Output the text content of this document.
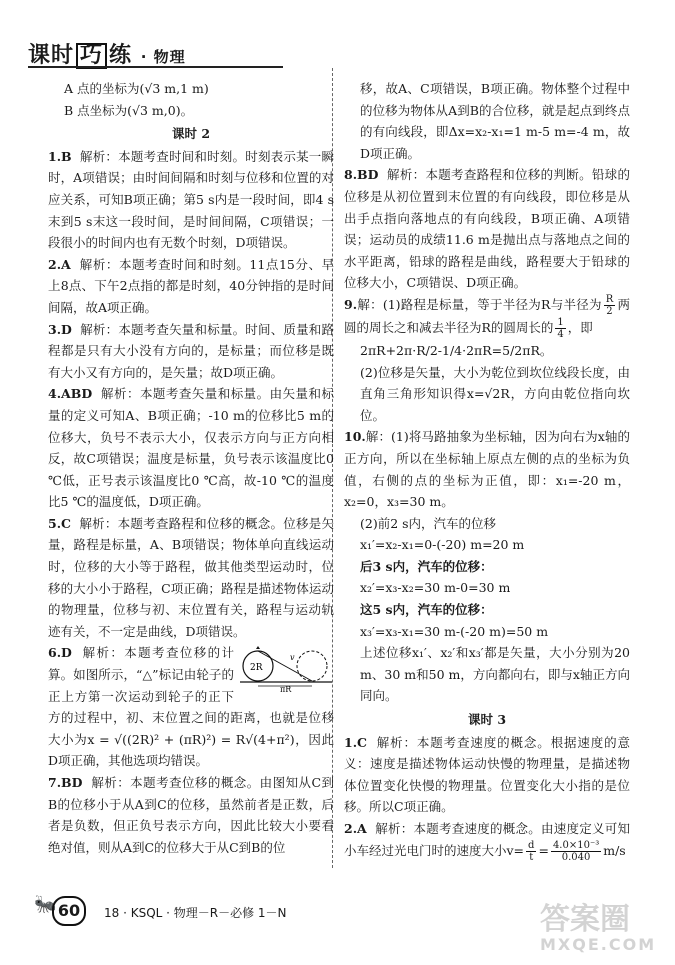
课时 巧 练 · 物理

A 点的坐标为(√3 m,1 m)

B 点坐标为(√3 m,0)。

课时 2

1.B 解析：本题考查时间和时刻。时刻表示某一瞬时，A项错误；由时间间隔和时刻与位移和位置的对应关系，可知B项正确；第5 s内是一段时间，即4 s末到5 s末这一段时间，是时间间隔，C项错误；一段很小的时间内也有无数个时刻，D项错误。

2.A 解析：本题考查时间和时刻。11点15分、早上8点、下午2点指的都是时刻，40分钟指的是时间间隔，故A项正确。

3.D 解析：本题考查矢量和标量。时间、质量和路程都是只有大小没有方向的，是标量；而位移是既有大小又有方向的，是矢量；故D项正确。

4.ABD 解析：本题考查矢量和标量。由矢量和标量的定义可知A、B项正确；-10 m的位移比5 m的位移大，负号不表示大小，仅表示方向与正方向相反，故C项错误；温度是标量，负号表示该温度比0 ℃低，正号表示该温度比0 ℃高，故-10 ℃的温度比5 ℃的温度低，D项正确。

5.C 解析：本题考查路程和位移的概念。位移是矢量，路程是标量，A、B项错误；物体单向直线运动时，位移的大小等于路程，做其他类型运动时，位移的大小小于路程，C项正确；路程是描述物体运动的物理量，位移与初、末位置有关，路程与运动轨迹有关，不一定是曲线，D项错误。

2R
πR
v
6.D 解析：本题考查位移的计算。如图所示，“△”标记由轮子的正上方第一次运动到轮子的正下方的过程中，初、末位置之间的距离，也就是位移大小为x = √((2R)² + (πR)²) = R√(4+π²)，因此D项正确，其他选项均错误。

7.BD 解析：本题考查位移的概念。由图知从C到B的位移小于从A到C的位移，虽然前者是正数，后者是负数，但正负号表示方向，因此比较大小要看绝对值，则从A到C的位移大于从C到B的位

移，故A、C项错误，B项正确。物体整个过程中的位移为物体从A到B的合位移，就是起点到终点的有向线段，即Δx=x₂-x₁=1 m-5 m=-4 m，故D项正确。

8.BD 解析：本题考查路程和位移的判断。铅球的位移是从初位置到末位置的有向线段，即位移是从出手点指向落地点的有向线段，B项正确、A项错误；运动员的成绩11.6 m是抛出点与落地点之间的水平距离，铅球的路程是曲线，路程要大于铅球的位移大小，C项错误、D项正确。

9.解：(1)路程是标量，等于半径为R与半径为 $\frac{R}{2}$ 两圆的周长之和减去半径为R的圆周长的 $\frac{1}{4}$ ，即

2πR+2π·R/2-1/4·2πR=5/2πR。

(2)位移是矢量，大小为乾位到坎位线段长度，由直角三角形知识得x=√2R，方向由乾位指向坎位。

10.解：(1)将马路抽象为坐标轴，因为向右为x轴的正方向，所以在坐标轴上原点左侧的点的坐标为负值，右侧的点的坐标为正值，即：x₁=-20 m，x₂=0，x₃=30 m。

(2)前2 s内，汽车的位移

x₁′=x₂-x₁=0-(-20) m=20 m

后3 s内，汽车的位移：

x₂′=x₃-x₂=30 m-0=30 m

这5 s内，汽车的位移：

x₃′=x₃-x₁=30 m-(-20 m)=50 m

上述位移x₁′、x₂′和x₃′都是矢量，大小分别为20 m、30 m和50 m，方向都向右，即与x轴正方向同向。

课时 3

1.C 解析：本题考查速度的概念。根据速度的意义：速度是描述物体运动快慢的物理量，是描述物体位置变化快慢的物理量。位置变化大小指的是位移。所以C项正确。

2.A 解析：本题考查速度的概念。由速度定义可知小车经过光电门时的速度大小$v= \frac{d}{t} = \frac{\text{4.0×10⁻³}}{0.040} m/s$

🐜 60	18 · KSQL · 物理－R－必修 1－N	答案圈
MXQE.COM
